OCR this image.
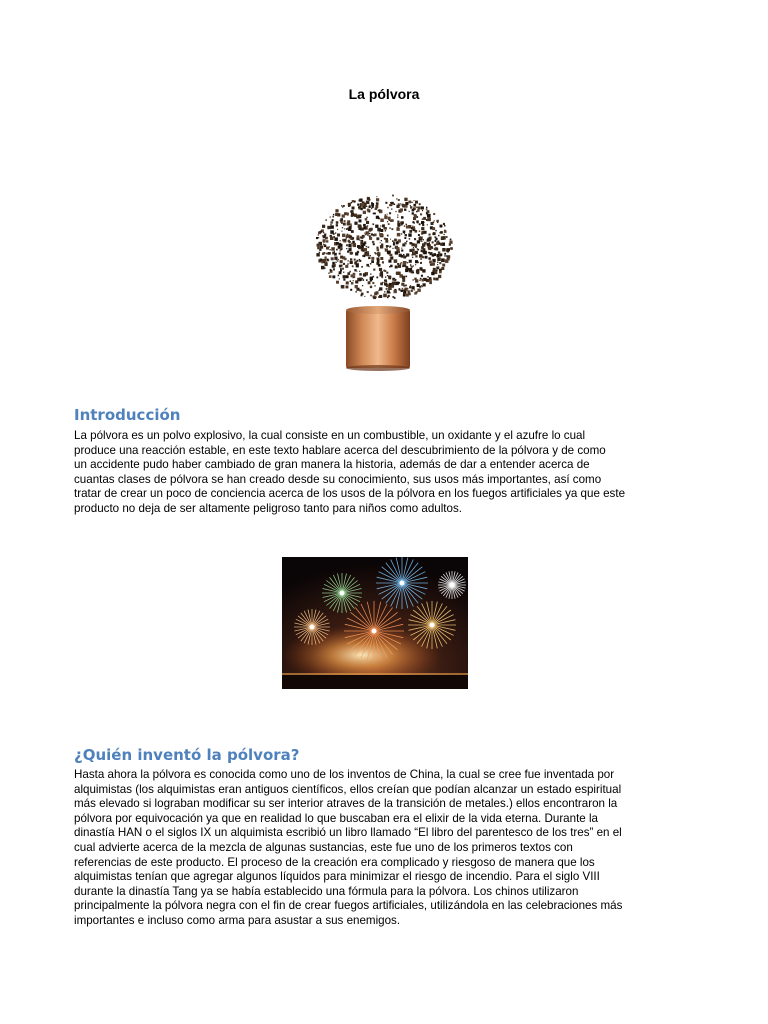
La pólvora
Introducción
La pólvora es un polvo explosivo, la cual consiste en un combustible, un oxidante y el azufre lo cual
produce una reacción estable, en este texto hablare acerca del descubrimiento de la pólvora y de como
un accidente pudo haber cambiado de gran manera la historia, además de dar a entender acerca de
cuantas clases de pólvora se han creado desde su conocimiento, sus usos más importantes, así como
tratar de crear un poco de conciencia acerca de los usos de la pólvora en los fuegos artificiales ya que este
producto no deja de ser altamente peligroso tanto para niños como adultos.
¿Quién inventó la pólvora?
Hasta ahora la pólvora es conocida como uno de los inventos de China, la cual se cree fue inventada por
alquimistas (los alquimistas eran antiguos científicos, ellos creían que podían alcanzar un estado espiritual
más elevado si lograban modificar su ser interior atraves de la transición de metales.) ellos encontraron la
pólvora por equivocación ya que en realidad lo que buscaban era el elixir de la vida eterna. Durante la
dinastía HAN o el siglos IX un alquimista escribió un libro llamado “El libro del parentesco de los tres” en el
cual advierte acerca de la mezcla de algunas sustancias, este fue uno de los primeros textos con
referencias de este producto. El proceso de la creación era complicado y riesgoso de manera que los
alquimistas tenían que agregar algunos líquidos para minimizar el riesgo de incendio. Para el siglo VIII
durante la dinastía Tang ya se había establecido una fórmula para la pólvora. Los chinos utilizaron
principalmente la pólvora negra con el fin de crear fuegos artificiales, utilizándola en las celebraciones más
importantes e incluso como arma para asustar a sus enemigos.
